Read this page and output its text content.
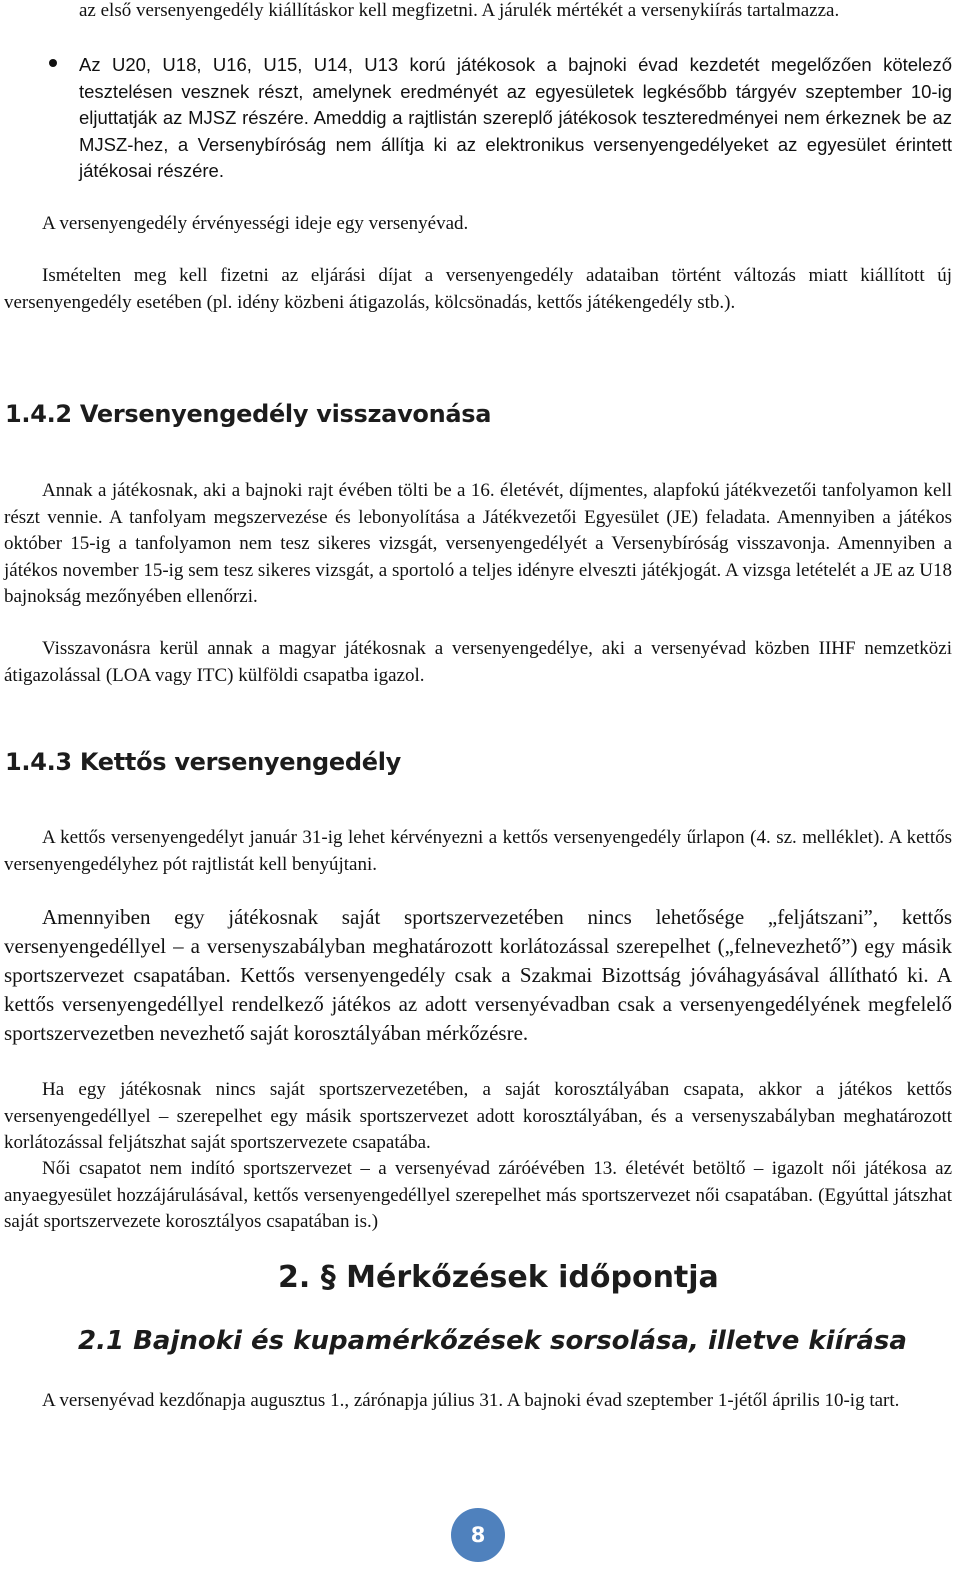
az első versenyengedély kiállításkor kell megfizetni. A járulék mértékét a versenykiírás tartalmazza.

Az U20, U18, U16, U15, U14, U13 korú játékosok a bajnoki évad kezdetét megelőzően kötelező tesztelésen vesznek részt, amelynek eredményét az egyesületek legkésőbb tárgyév szeptember 10-ig eljuttatják az MJSZ részére. Ameddig a rajtlistán szereplő játékosok teszteredményei nem érkeznek be az MJSZ-hez, a Versenybíróság nem állítja ki az elektronikus versenyengedélyeket az egyesület érintett játékosai részére.

A versenyengedély érvényességi ideje egy versenyévad.

Ismételten meg kell fizetni az eljárási díjat a versenyengedély adataiban történt változás miatt kiállított új versenyengedély esetében (pl. idény közbeni átigazolás, kölcsönadás, kettős játékengedély stb.).

1.4.2 Versenyengedély visszavonása

Annak a játékosnak, aki a bajnoki rajt évében tölti be a 16. életévét, díjmentes, alapfokú játékvezetői tanfolyamon kell részt vennie. A tanfolyam megszervezése és lebonyolítása a Játékvezetői Egyesület (JE) feladata. Amennyiben a játékos október 15-ig a tanfolyamon nem tesz sikeres vizsgát, versenyengedélyét a Versenybíróság visszavonja. Amennyiben a játékos november 15-ig sem tesz sikeres vizsgát, a sportoló a teljes idényre elveszti játékjogát. A vizsga letételét a JE az U18 bajnokság mezőnyében ellenőrzi.

Visszavonásra kerül annak a magyar játékosnak a versenyengedélye, aki a versenyévad közben IIHF nemzetközi átigazolással (LOA vagy ITC) külföldi csapatba igazol.

1.4.3 Kettős versenyengedély

A kettős versenyengedélyt január 31-ig lehet kérvényezni a kettős versenyengedély űrlapon (4. sz. melléklet). A kettős versenyengedélyhez pót rajtlistát kell benyújtani.

Amennyiben egy játékosnak saját sportszervezetében nincs lehetősége „feljátszani”, kettős versenyengedéllyel – a versenyszabályban meghatározott korlátozással szerepelhet („felnevezhető”) egy másik sportszervezet csapatában. Kettős versenyengedély csak a Szakmai Bizottság jóváhagyásával állítható ki. A kettős versenyengedéllyel rendelkező játékos az adott versenyévadban csak a versenyengedélyének megfelelő sportszervezetben nevezhető saját korosztályában mérkőzésre.

Ha egy játékosnak nincs saját sportszervezetében, a saját korosztályában csapata, akkor a játékos kettős versenyengedéllyel – szerepelhet egy másik sportszervezet adott korosztályában, és a versenyszabályban meghatározott korlátozással feljátszhat saját sportszervezete csapatába.

Női csapatot nem indító sportszervezet – a versenyévad záróévében 13. életévét betöltő – igazolt női játékosa az anyaegyesület hozzájárulásával, kettős versenyengedéllyel szerepelhet más sportszervezet női csapatában. (Egyúttal játszhat saját sportszervezete korosztályos csapatában is.)

2. § Mérkőzések időpontja
2.1 Bajnoki és kupamérkőzések sorsolása, illetve kiírása

A versenyévad kezdőnapja augusztus 1., zárónapja július 31. A bajnoki évad szeptember 1-jétől április 10-ig tart.

8
